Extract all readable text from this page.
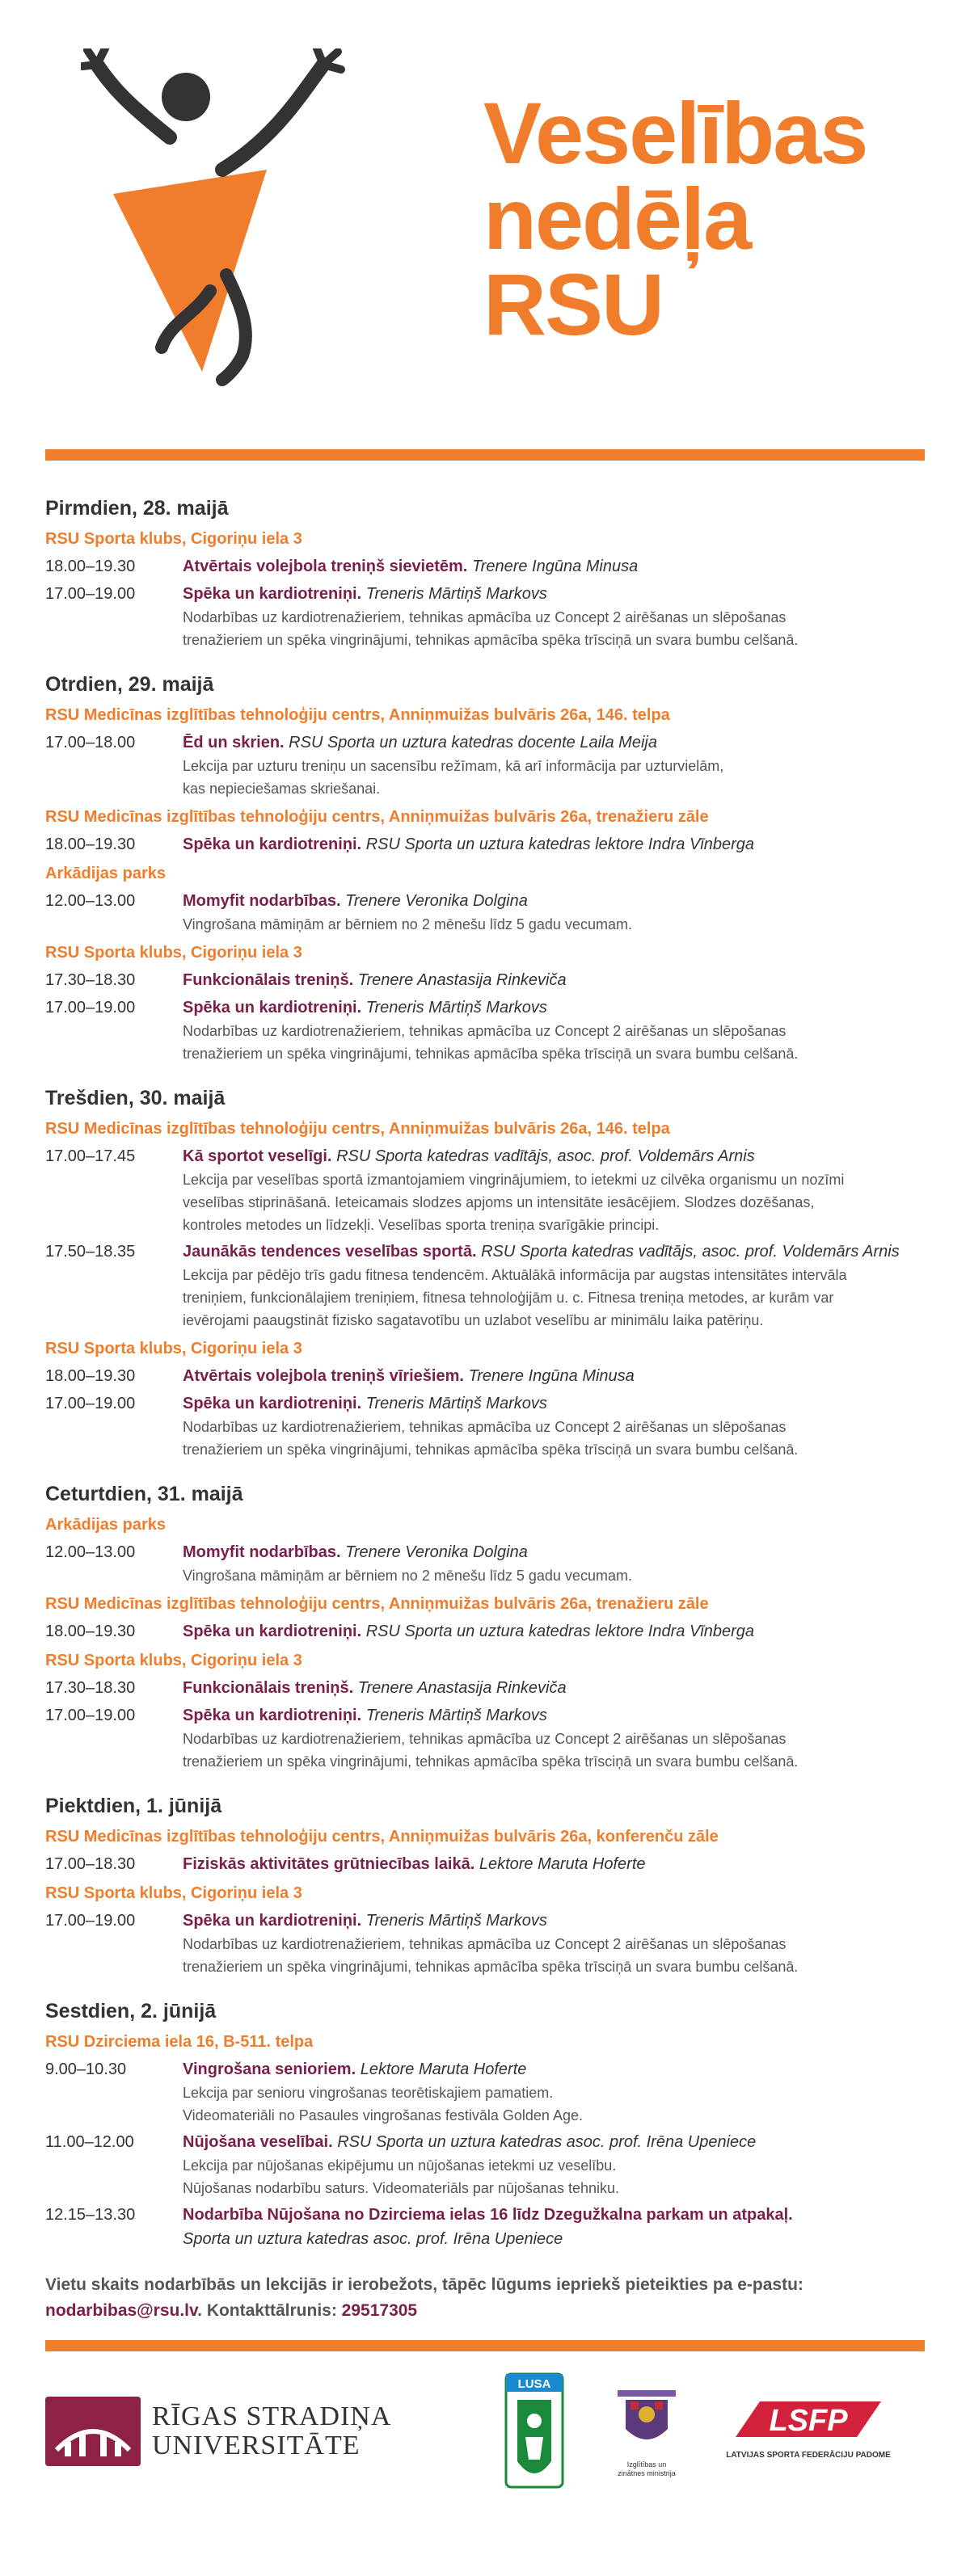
Veselības
nedēļa
RSU
Pirmdien, 28. maijā
RSU Sporta klubs, Cigoriņu iela 3
18.00–19.30	Atvērtais volejbola treniņš sievietēm. Trenere Ingūna Minusa
17.00–19.00	Spēka un kardiotreniņi. Treneris Mārtiņš Markovs
Nodarbības uz kardiotrenažieriem, tehnikas apmācība uz Concept 2 airēšanas un slēpošanas
trenažieriem un spēka vingrinājumi, tehnikas apmācība spēka trīsciņā un svara bumbu celšanā.
Otrdien, 29. maijā
RSU Medicīnas izglītības tehnoloģiju centrs, Anniņmuižas bulvāris 26a, 146. telpa
17.00–18.00	Ēd un skrien. RSU Sporta un uztura katedras docente Laila Meija
Lekcija par uzturu treniņu un sacensību režīmam, kā arī informācija par uzturvielām,
kas nepieciešamas skriešanai.
RSU Medicīnas izglītības tehnoloģiju centrs, Anniņmuižas bulvāris 26a, trenažieru zāle
18.00–19.30	Spēka un kardiotreniņi. RSU Sporta un uztura katedras lektore Indra Vīnberga
Arkādijas parks
12.00–13.00	Momyfit nodarbības. Trenere Veronika Dolgina
Vingrošana māmiņām ar bērniem no 2 mēnešu līdz 5 gadu vecumam.
RSU Sporta klubs, Cigoriņu iela 3
17.30–18.30	Funkcionālais treniņš. Trenere Anastasija Rinkeviča
17.00–19.00	Spēka un kardiotreniņi. Treneris Mārtiņš Markovs
Nodarbības uz kardiotrenažieriem, tehnikas apmācība uz Concept 2 airēšanas un slēpošanas
trenažieriem un spēka vingrinājumi, tehnikas apmācība spēka trīsciņā un svara bumbu celšanā.
Trešdien, 30. maijā
RSU Medicīnas izglītības tehnoloģiju centrs, Anniņmuižas bulvāris 26a, 146. telpa
17.00–17.45	Kā sportot veselīgi. RSU Sporta katedras vadītājs, asoc. prof. Voldemārs Arnis
Lekcija par veselības sportā izmantojamiem vingrinājumiem, to ietekmi uz cilvēka organismu un nozīmi
veselības stiprināšanā. Ieteicamais slodzes apjoms un intensitāte iesācējiem. Slodzes dozēšanas,
kontroles metodes un līdzekļi. Veselības sporta treniņa svarīgākie principi.
17.50–18.35	Jaunākās tendences veselības sportā. RSU Sporta katedras vadītājs, asoc. prof. Voldemārs Arnis
Lekcija par pēdējo trīs gadu fitnesa tendencēm. Aktuālākā informācija par augstas intensitātes intervāla
treniņiem, funkcionālajiem treniņiem, fitnesa tehnoloģijām u. c. Fitnesa treniņa metodes, ar kurām var
ievērojami paaugstināt fizisko sagatavotību un uzlabot veselību ar minimālu laika patēriņu.
RSU Sporta klubs, Cigoriņu iela 3
18.00–19.30	Atvērtais volejbola treniņš vīriešiem. Trenere Ingūna Minusa
17.00–19.00	Spēka un kardiotreniņi. Treneris Mārtiņš Markovs
Nodarbības uz kardiotrenažieriem, tehnikas apmācība uz Concept 2 airēšanas un slēpošanas
trenažieriem un spēka vingrinājumi, tehnikas apmācība spēka trīsciņā un svara bumbu celšanā.
Ceturtdien, 31. maijā
Arkādijas parks
12.00–13.00	Momyfit nodarbības. Trenere Veronika Dolgina
Vingrošana māmiņām ar bērniem no 2 mēnešu līdz 5 gadu vecumam.
RSU Medicīnas izglītības tehnoloģiju centrs, Anniņmuižas bulvāris 26a, trenažieru zāle
18.00–19.30	Spēka un kardiotreniņi. RSU Sporta un uztura katedras lektore Indra Vīnberga
RSU Sporta klubs, Cigoriņu iela 3
17.30–18.30	Funkcionālais treniņš. Trenere Anastasija Rinkeviča
17.00–19.00	Spēka un kardiotreniņi. Treneris Mārtiņš Markovs
Nodarbības uz kardiotrenažieriem, tehnikas apmācība uz Concept 2 airēšanas un slēpošanas
trenažieriem un spēka vingrinājumi, tehnikas apmācība spēka trīsciņā un svara bumbu celšanā.
Piektdien, 1. jūnijā
RSU Medicīnas izglītības tehnoloģiju centrs, Anniņmuižas bulvāris 26a, konferenču zāle
17.00–18.30	Fiziskās aktivitātes grūtniecības laikā. Lektore Maruta Hoferte
RSU Sporta klubs, Cigoriņu iela 3
17.00–19.00	Spēka un kardiotreniņi. Treneris Mārtiņš Markovs
Nodarbības uz kardiotrenažieriem, tehnikas apmācība uz Concept 2 airēšanas un slēpošanas
trenažieriem un spēka vingrinājumi, tehnikas apmācība spēka trīsciņā un svara bumbu celšanā.
Sestdien, 2. jūnijā
RSU Dzirciema iela 16, B-511. telpa
9.00–10.30	Vingrošana senioriem. Lektore Maruta Hoferte
Lekcija par senioru vingrošanas teorētiskajiem pamatiem.
Videomateriāli no Pasaules vingrošanas festivāla Golden Age.
11.00–12.00	Nūjošana veselībai. RSU Sporta un uztura katedras asoc. prof. Irēna Upeniece
Lekcija par nūjošanas ekipējumu un nūjošanas ietekmi uz veselību.
Nūjošanas nodarbību saturs. Videomateriāls par nūjošanas tehniku.
12.15–13.30	Nodarbība Nūjošana no Dzirciema ielas 16 līdz Dzegužkalna parkam un atpakaļ.
Sporta un uztura katedras asoc. prof. Irēna Upeniece
Vietu skaits nodarbībās un lekcijās ir ierobežots, tāpēc lūgums iepriekš pieteikties pa e-pastu:
nodarbibas@rsu.lv. Kontakttālrunis: 29517305
RĪGAS STRADIŅA
UNIVERSITĀTE
LUSA
Izglītības un zinātnes ministrija
LSFP
LATVIJAS SPORTA FEDERĀCIJU PADOME
